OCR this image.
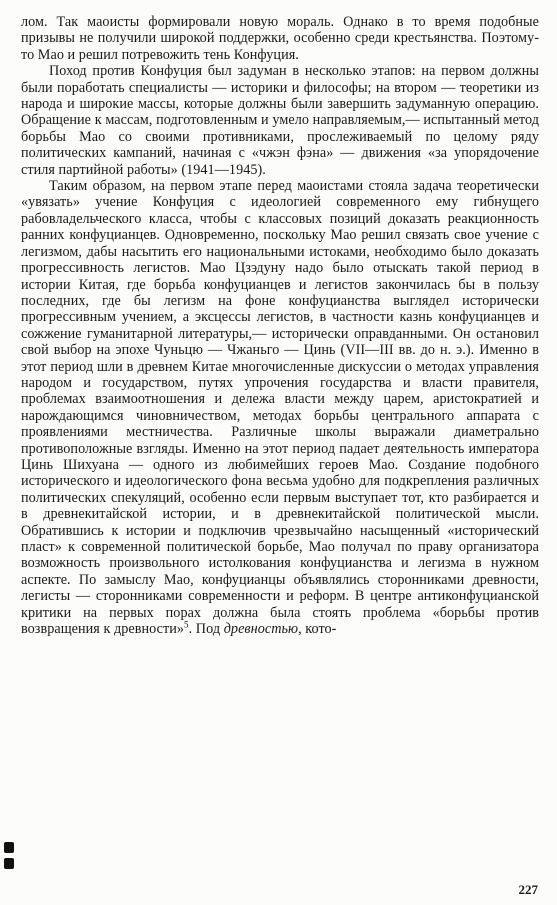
лом. Так маоисты формировали новую мораль. Однако в то время подобные призывы не получили широкой поддержки, особенно среди крестьянства. Поэтому-то Мао и решил потревожить тень Конфуция.

Поход против Конфуция был задуман в несколько этапов: на первом должны были поработать специалисты — историки и философы; на втором — теоретики из народа и широкие массы, которые должны были завершить задуманную операцию. Обращение к массам, подготовленным и умело направляемым,— испытанный метод борьбы Мао со своими противниками, прослеживаемый по целому ряду политических кампаний, начиная с «чжэн фэна» — движения «за упорядочение стиля партийной работы» (1941—1945).

Таким образом, на первом этапе перед маоистами стояла задача теоретически «увязать» учение Конфуция с идеологией современного ему гибнущего рабовладельческого класса, чтобы с классовых позиций доказать реакционность ранних конфуцианцев. Одновременно, поскольку Мао решил связать свое учение с легизмом, дабы насытить его национальными истоками, необходимо было доказать прогрессивность легистов. Мао Цзэдуну надо было отыскать такой период в истории Китая, где борьба конфуцианцев и легистов закончилась бы в пользу последних, где бы легизм на фоне конфуцианства выглядел исторически прогрессивным учением, а эксцессы легистов, в частности казнь конфуцианцев и сожжение гуманитарной литературы,— исторически оправданными. Он остановил свой выбор на эпохе Чуньцю — Чжаньго — Цинь (VII—III вв. до н. э.). Именно в этот период шли в древнем Китае многочисленные дискуссии о методах управления народом и государством, путях упрочения государства и власти правителя, проблемах взаимоотношения и дележа власти между царем, аристократией и нарождающимся чиновничеством, методах борьбы центрального аппарата с проявлениями местничества. Различные школы выражали диаметрально противоположные взгляды. Именно на этот период падает деятельность императора Цинь Шихуана — одного из любимейших героев Мао. Создание подобного исторического и идеологического фона весьма удобно для подкрепления различных политических спекуляций, особенно если первым выступает тот, кто разбирается и в древнекитайской истории, и в древнекитайской политической мысли. Обратившись к истории и подключив чрезвычайно насыщенный «исторический пласт» к современной политической борьбе, Мао получал по праву организатора возможность произвольного истолкования конфуцианства и легизма в нужном аспекте. По замыслу Мао, конфуцианцы объявлялись сторонниками древности, легисты — сторонниками современности и реформ. В центре антиконфуцианской критики на первых порах должна была стоять проблема «борьбы против возвращения к древности»$^5$. Под древностью, кото-

227
